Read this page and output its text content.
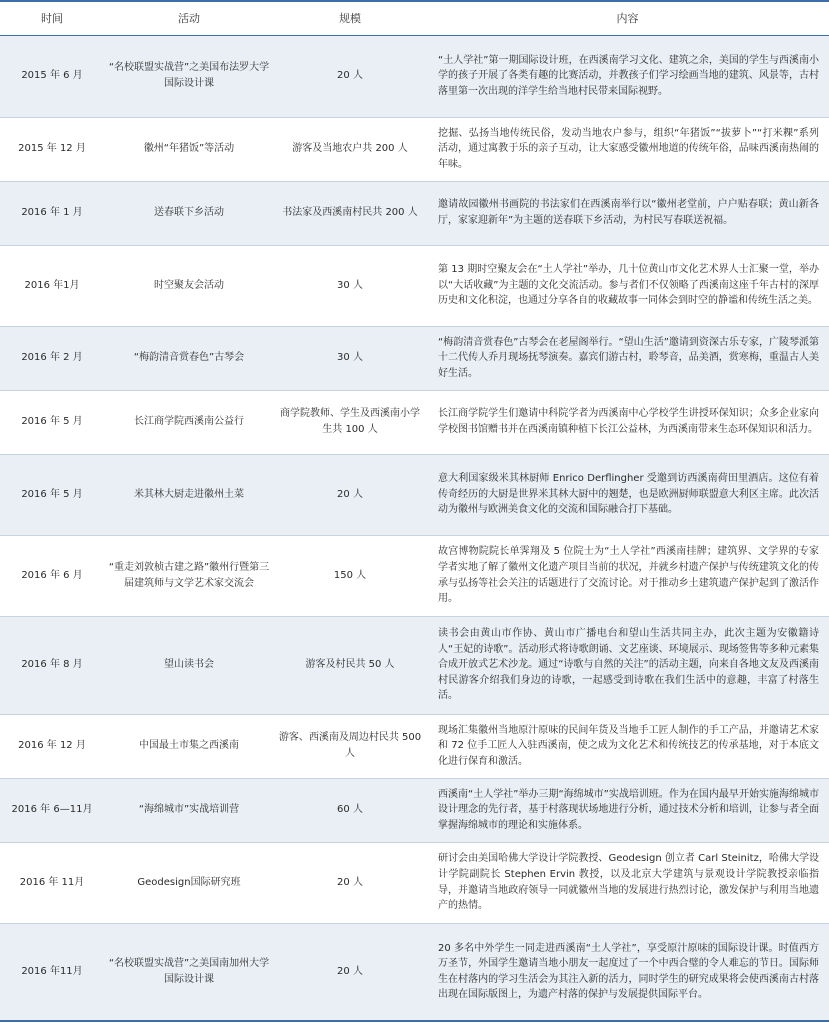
时间	活动	规模	内容
2015 年 6 月	“名校联盟实战营”之美国布法罗大学国际设计课	20 人	“土人学社”第一期国际设计班，在西溪南学习文化、建筑之余，美国的学生与西溪南小学的孩子开展了各类有趣的比赛活动，并教孩子们学习绘画当地的建筑、风景等，古村落里第一次出现的洋学生给当地村民带来国际视野。
2015 年 12 月	徽州“年猪饭”等活动	游客及当地农户共 200 人	挖掘、弘扬当地传统民俗，发动当地农户参与，组织“年猪饭”“拔萝卜”“打米粿”系列活动，通过寓教于乐的亲子互动，让大家感受徽州地道的传统年俗，品味西溪南热闹的年味。
2016 年 1 月	送春联下乡活动	书法家及西溪南村民共 200 人	邀请故园徽州书画院的书法家们在西溪南举行以“徽州老堂前，户户贴春联；黄山新各厅，家家迎新年”为主题的送春联下乡活动，为村民写春联送祝福。
2016 年1月	时空聚友会活动	30 人	第 13 期时空聚友会在“土人学社”举办，几十位黄山市文化艺术界人士汇聚一堂，举办以“大话收藏”为主题的文化交流活动。参与者们不仅领略了西溪南这座千年古村的深厚历史和文化积淀，也通过分享各自的收藏故事一同体会到时空的静谧和传统生活之美。
2016 年 2 月	“梅韵清音赏春色”古琴会	30 人	“梅韵清音赏春色”古琴会在老屋阁举行。“望山生活”邀请到资深古乐专家，广陵琴派第十二代传人乔月现场抚琴演奏。嘉宾们游古村，聆琴音，品美酒，赏寒梅，重温古人美好生活。
2016 年 5 月	长江商学院西溪南公益行	商学院教师、学生及西溪南小学生共 100 人	长江商学院学生们邀请中科院学者为西溪南中心学校学生讲授环保知识；众多企业家向学校图书馆赠书并在西溪南镇种植下长江公益林，为西溪南带来生态环保知识和活力。
2016 年 5 月	米其林大厨走进徽州土菜	20 人	意大利国家级米其林厨师 Enrico Derflingher 受邀到访西溪南荷田里酒店。这位有着传奇经历的大厨是世界米其林大厨中的翘楚，也是欧洲厨师联盟意大利区主席。此次活动为徽州与欧洲美食文化的交流和国际融合打下基础。
2016 年 6 月	“重走刘敦桢古建之路”徽州行暨第三届建筑师与文学艺术家交流会	150 人	故宫博物院院长单霁翔及 5 位院士为“土人学社”西溪南挂牌；建筑界、文学界的专家学者实地了解了徽州文化遗产项目当前的状况，并就乡村遗产保护与传统建筑文化的传承与弘扬等社会关注的话题进行了交流讨论。对于推动乡土建筑遗产保护起到了激活作用。
2016 年 8 月	望山读书会	游客及村民共 50 人	读书会由黄山市作协、黄山市广播电台和望山生活共同主办，此次主题为安徽籍诗人“王妃的诗歌”。活动形式将诗歌朗诵、文艺座谈、环境展示、现场签售等多种元素集合成开放式艺术沙龙。通过“诗歌与自然的关注”的活动主题，向来自各地文友及西溪南村民游客介绍我们身边的诗歌，一起感受到诗歌在我们生活中的意趣，丰富了村落生活。
2016 年 12 月	中国最土市集之西溪南	游客、西溪南及周边村民共 500 人	现场汇集徽州当地原汁原味的民间年货及当地手工匠人制作的手工产品，并邀请艺术家和 72 位手工匠人入驻西溪南，使之成为文化艺术和传统技艺的传承基地，对于本底文化进行保育和激活。
2016 年 6—11月	“海绵城市”实战培训营	60 人	西溪南“土人学社”举办三期“海绵城市”实战培训班。作为在国内最早开始实施海绵城市设计理念的先行者，基于村落现状场地进行分析，通过技术分析和培训，让参与者全面掌握海绵城市的理论和实施体系。
2016 年 11月	Geodesign国际研究班	20 人	研讨会由美国哈佛大学设计学院教授、Geodesign 创立者 Carl Steinitz，哈佛大学设计学院副院长 Stephen Ervin 教授，以及北京大学建筑与景观设计学院教授亲临指导，并邀请当地政府领导一同就徽州当地的发展进行热烈讨论，激发保护与利用当地遗产的热情。
2016 年11月	“名校联盟实战营”之美国南加州大学国际设计课	20 人	20 多名中外学生一同走进西溪南“土人学社”，享受原汁原味的国际设计课。时值西方万圣节，外国学生邀请当地小朋友一起度过了一个中西合璧的令人难忘的节日。国际师生在村落内的学习生活会为其注入新的活力，同时学生的研究成果将会使西溪南古村落出现在国际版图上，为遗产村落的保护与发展提供国际平台。
